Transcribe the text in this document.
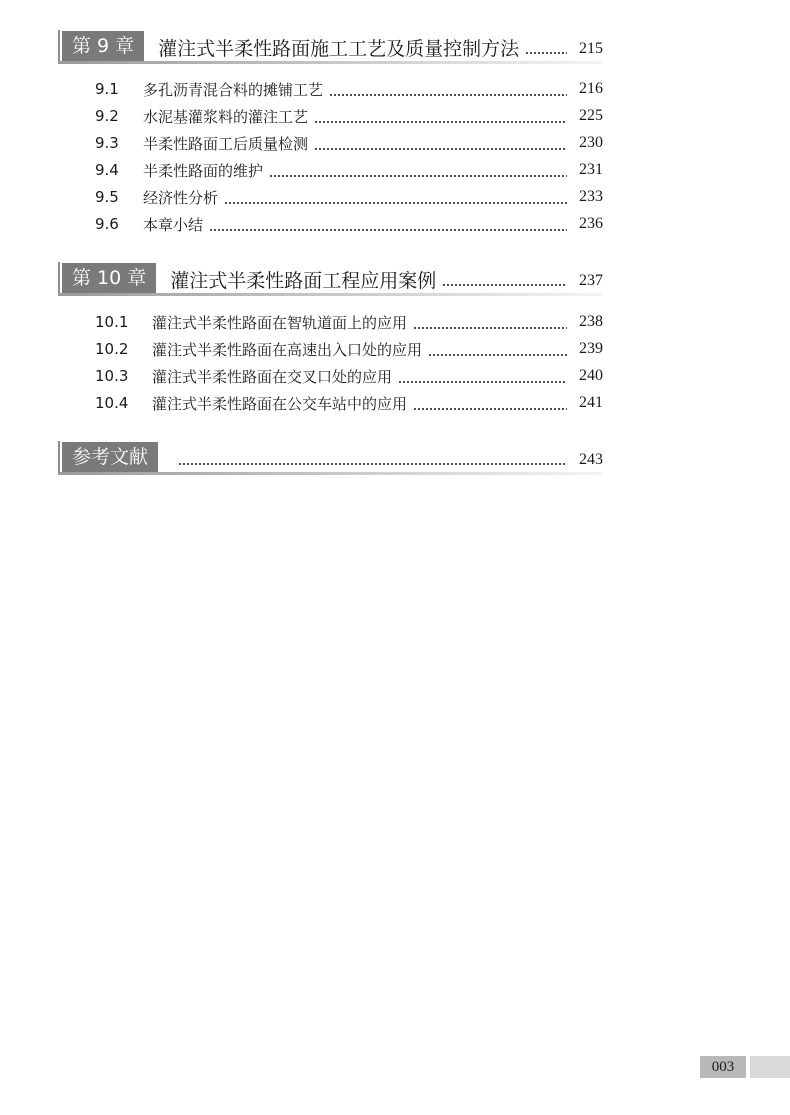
第 9 章	灌注式半柔性路面施工工艺及质量控制方法	215
9.1	多孔沥青混合料的摊铺工艺	216
9.2	水泥基灌浆料的灌注工艺	225
9.3	半柔性路面工后质量检测	230
9.4	半柔性路面的维护	231
9.5	经济性分析	233
9.6	本章小结	236
第 10 章	灌注式半柔性路面工程应用案例	237
10.1	灌注式半柔性路面在智轨道面上的应用	238
10.2	灌注式半柔性路面在高速出入口处的应用	239
10.3	灌注式半柔性路面在交叉口处的应用	240
10.4	灌注式半柔性路面在公交车站中的应用	241
参考文献	243
003
